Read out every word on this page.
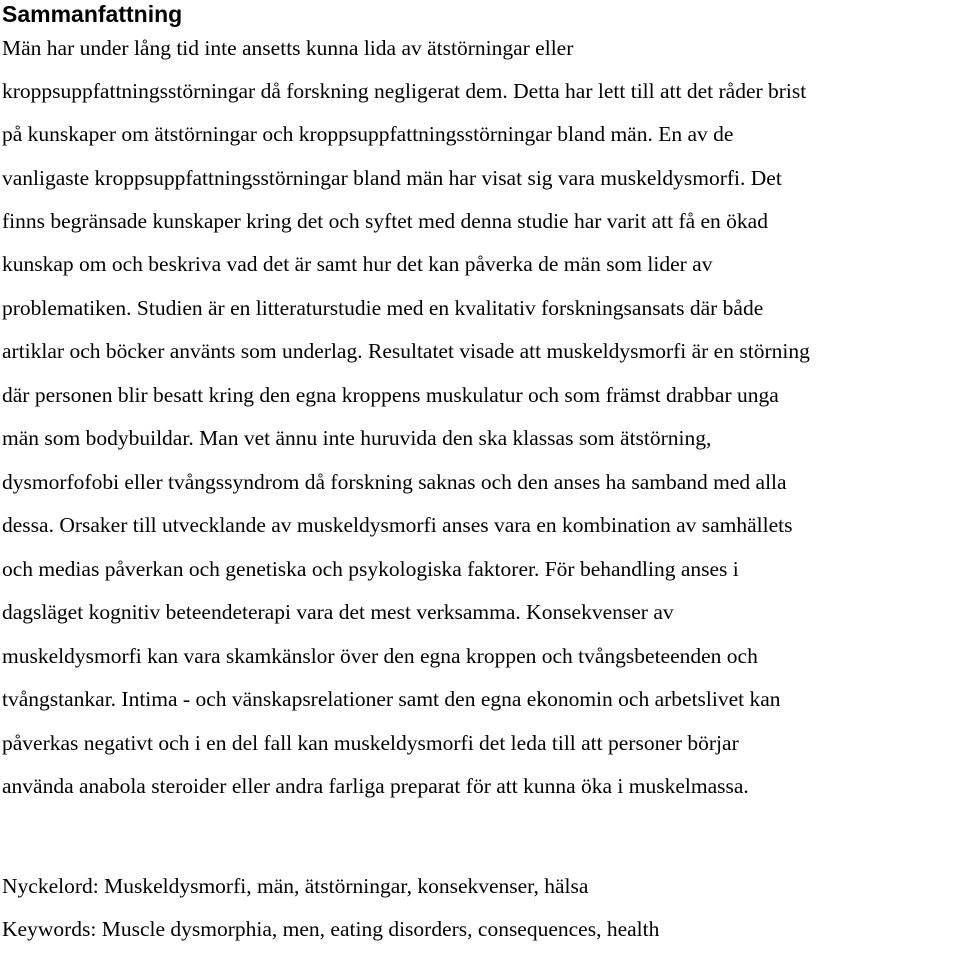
Sammanfattning

Män har under lång tid inte ansetts kunna lida av ätstörningar eller

kroppsuppfattningsstörningar då forskning negligerat dem. Detta har lett till att det råder brist

på kunskaper om ätstörningar och kroppsuppfattningsstörningar bland män. En av de

vanligaste kroppsuppfattningsstörningar bland män har visat sig vara muskeldysmorfi. Det

finns begränsade kunskaper kring det och syftet med denna studie har varit att få en ökad

kunskap om och beskriva vad det är samt hur det kan påverka de män som lider av

problematiken. Studien är en litteraturstudie med en kvalitativ forskningsansats där både

artiklar och böcker använts som underlag. Resultatet visade att muskeldysmorfi är en störning

där personen blir besatt kring den egna kroppens muskulatur och som främst drabbar unga

män som bodybuildar. Man vet ännu inte huruvida den ska klassas som ätstörning,

dysmorfofobi eller tvångssyndrom då forskning saknas och den anses ha samband med alla

dessa. Orsaker till utvecklande av muskeldysmorfi anses vara en kombination av samhällets

och medias påverkan och genetiska och psykologiska faktorer. För behandling anses i

dagsläget kognitiv beteendeterapi vara det mest verksamma. Konsekvenser av

muskeldysmorfi kan vara skamkänslor över den egna kroppen och tvångsbeteenden och

tvångstankar. Intima - och vänskapsrelationer samt den egna ekonomin och arbetslivet kan

påverkas negativt och i en del fall kan muskeldysmorfi det leda till att personer börjar

använda anabola steroider eller andra farliga preparat för att kunna öka i muskelmassa.

Nyckelord: Muskeldysmorfi, män, ätstörningar, konsekvenser, hälsa

Keywords: Muscle dysmorphia, men, eating disorders, consequences, health
